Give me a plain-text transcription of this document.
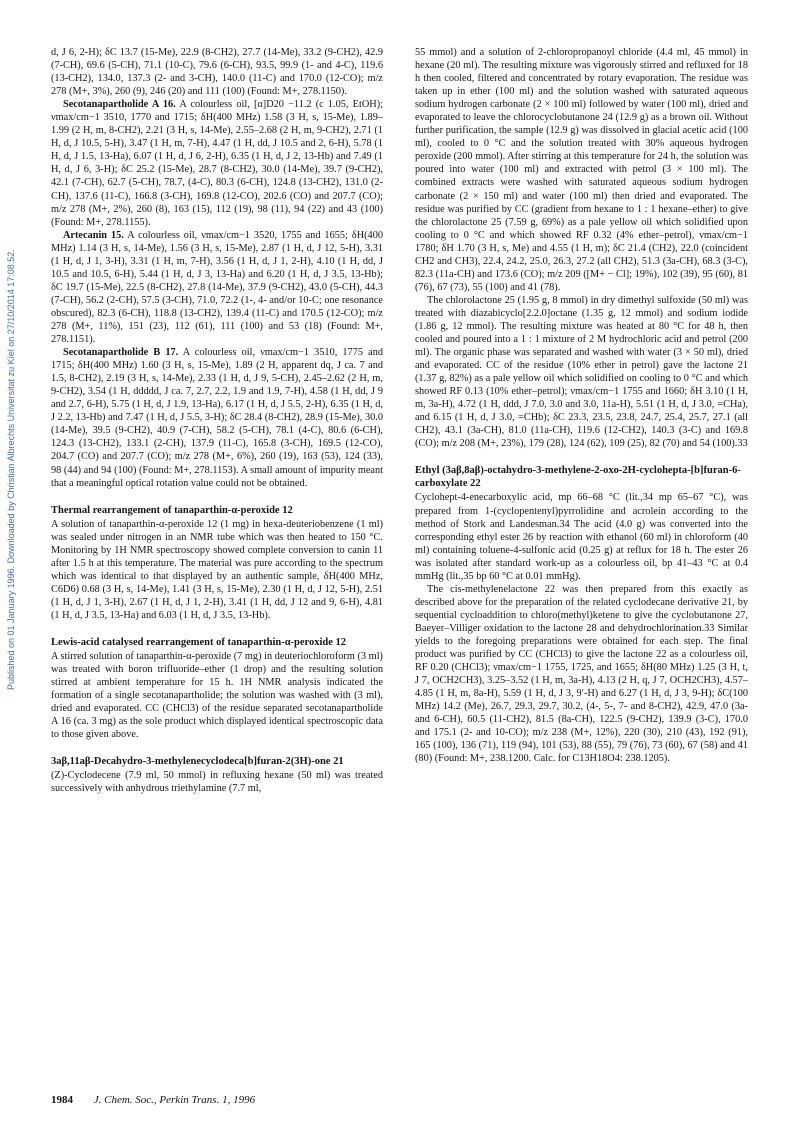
Published on 01 January 1996. Downloaded by Christian Albrechts Universitat zu Kiel on 27/10/2014 17:08:52.

d, J 6, 2-H); δC 13.7 (15-Me), 22.9 (8-CH2), 27.7 (14-Me), 33.2 (9-CH2), 42.9 (7-CH), 69.6 (5-CH), 71.1 (10-C), 79.6 (6-CH), 93.5, 99.9 (1- and 4-C), 119.6 (13-CH2), 134.0, 137.3 (2- and 3-CH), 140.0 (11-C) and 170.0 (12-CO); m/z 278 (M+, 3%), 260 (9), 246 (20) and 111 (100) (Found: M+, 278.1150).

Secotanapartholide A 16. A colourless oil, [α]D20 −11.2 (c 1.05, EtOH); νmax/cm−1 3510, 1770 and 1715; δH(400 MHz) 1.58 (3 H, s, 15-Me), 1.89–1.99 (2 H, m, 8-CH2), 2.21 (3 H, s, 14-Me), 2.55–2.68 (2 H, m, 9-CH2), 2.71 (1 H, d, J 10.5, 5-H), 3.47 (1 H, m, 7-H), 4.47 (1 H, dd, J 10.5 and 2, 6-H), 5.78 (1 H, d, J 1.5, 13-Ha), 6.07 (1 H, d, J 6, 2-H), 6.35 (1 H, d, J 2, 13-Hb) and 7.49 (1 H, d, J 6, 3-H); δC 25.2 (15-Me), 28.7 (8-CH2), 30.0 (14-Me), 39.7 (9-CH2), 42.1 (7-CH), 62.7 (5-CH), 78.7, (4-C), 80.3 (6-CH), 124.8 (13-CH2), 131.0 (2-CH), 137.6 (11-C), 166.8 (3-CH), 169.8 (12-CO), 202.6 (CO) and 207.7 (CO); m/z 278 (M+, 2%), 260 (8), 163 (15), 112 (19), 98 (11), 94 (22) and 43 (100) (Found: M+, 278.1155).

Artecanin 15. A colourless oil, νmax/cm−1 3520, 1755 and 1655; δH(400 MHz) 1.14 (3 H, s, 14-Me), 1.56 (3 H, s, 15-Me), 2.87 (1 H, d, J 12, 5-H), 3.31 (1 H, d, J 1, 3-H), 3.31 (1 H, m, 7-H), 3.56 (1 H, d, J 1, 2-H), 4.10 (1 H, dd, J 10.5 and 10.5, 6-H), 5.44 (1 H, d, J 3, 13-Ha) and 6.20 (1 H, d, J 3.5, 13-Hb); δC 19.7 (15-Me), 22.5 (8-CH2), 27.8 (14-Me), 37.9 (9-CH2), 43.0 (5-CH), 44.3 (7-CH), 56.2 (2-CH), 57.5 (3-CH), 71.0, 72.2 (1-, 4- and/or 10-C; one resonance obscured), 82.3 (6-CH), 118.8 (13-CH2), 139.4 (11-C) and 170.5 (12-CO); m/z 278 (M+, 11%), 151 (23), 112 (61), 111 (100) and 53 (18) (Found: M+, 278.1151).

Secotanapartholide B 17. A colourless oil, νmax/cm−1 3510, 1775 and 1715; δH(400 MHz) 1.60 (3 H, s, 15-Me), 1.89 (2 H, apparent dq, J ca. 7 and 1.5, 8-CH2), 2.19 (3 H, s, 14-Me), 2.33 (1 H, d, J 9, 5-CH), 2.45–2.62 (2 H, m, 9-CH2), 3.54 (1 H, ddddd, J ca. 7, 2.7, 2.2, 1.9 and 1.9, 7-H), 4.58 (1 H, dd, J 9 and 2.7, 6-H), 5.75 (1 H, d, J 1.9, 13-Ha), 6.17 (1 H, d, J 5.5, 2-H), 6.35 (1 H, d, J 2.2, 13-Hb) and 7.47 (1 H, d, J 5.5, 3-H); δC 28.4 (8-CH2), 28.9 (15-Me), 30.0 (14-Me), 39.5 (9-CH2), 40.9 (7-CH), 58.2 (5-CH), 78.1 (4-C), 80.6 (6-CH), 124.3 (13-CH2), 133.1 (2-CH), 137.9 (11-C), 165.8 (3-CH), 169.5 (12-CO), 204.7 (CO) and 207.7 (CO); m/z 278 (M+, 6%), 260 (19), 163 (53), 124 (33), 98 (44) and 94 (100) (Found: M+, 278.1153). A small amount of impurity meant that a meaningful optical rotation value could not be obtained.

Thermal rearrangement of tanaparthin-α-peroxide 12

A solution of tanaparthin-α-peroxide 12 (1 mg) in hexa-deuteriobenzene (1 ml) was sealed under nitrogen in an NMR tube which was then heated to 150 °C. Monitoring by 1H NMR spectroscopy showed complete conversion to canin 11 after 1.5 h at this temperature. The material was pure according to the spectrum which was identical to that displayed by an authentic sample, δH(400 MHz, C6D6) 0.68 (3 H, s, 14-Me), 1.41 (3 H, s, 15-Me), 2.30 (1 H, d, J 12, 5-H), 2.51 (1 H, d, J 1, 3-H), 2.67 (1 H, d, J 1, 2-H), 3.41 (1 H, dd, J 12 and 9, 6-H), 4.81 (1 H, d, J 3.5, 13-Ha) and 6.03 (1 H, d, J 3.5, 13-Hb).

Lewis-acid catalysed rearrangement of tanaparthin-α-peroxide 12

A stirred solution of tanaparthin-α-peroxide (7 mg) in deuteriochloroform (3 ml) was treated with boron trifluoride–ether (1 drop) and the resulting solution stirred at ambient temperature for 15 h. 1H NMR analysis indicated the formation of a single secotanapartholide; the solution was washed with (3 ml), dried and evaporated. CC (CHCl3) of the residue separated secotanapartholide A 16 (ca. 3 mg) as the sole product which displayed identical spectroscopic data to those given above.

3aβ,11aβ-Decahydro-3-methylenecyclodeca[b]furan-2(3H)-one 21

(Z)-Cyclodecene (7.9 ml, 50 mmol) in refluxing hexane (50 ml) was treated successively with anhydrous triethylamine (7.7 ml,

55 mmol) and a solution of 2-chloropropanoyl chloride (4.4 ml, 45 mmol) in hexane (20 ml). The resulting mixture was vigorously stirred and refluxed for 18 h then cooled, filtered and concentrated by rotary evaporation. The residue was taken up in ether (100 ml) and the solution washed with saturated aqueous sodium hydrogen carbonate (2 × 100 ml) followed by water (100 ml), dried and evaporated to leave the chlorocyclobutanone 24 (12.9 g) as a brown oil. Without further purification, the sample (12.9 g) was dissolved in glacial acetic acid (100 ml), cooled to 0 °C and the solution treated with 30% aqueous hydrogen peroxide (200 mmol). After stirring at this temperature for 24 h, the solution was poured into water (100 ml) and extracted with petrol (3 × 100 ml). The combined extracts were washed with saturated aqueous sodium hydrogen carbonate (2 × 150 ml) and water (100 ml) then dried and evaporated. The residue was purified by CC (gradient from hexane to 1 : 1 hexane–ether) to give the chlorolactone 25 (7.59 g, 69%) as a pale yellow oil which solidified upon cooling to 0 °C and which showed RF 0.32 (4% ether–petrol), νmax/cm−1 1780; δH 1.70 (3 H, s, Me) and 4.55 (1 H, m); δC 21.4 (CH2), 22.0 (coincident CH2 and CH3), 22.4, 24.2, 25.0, 26.3, 27.2 (all CH2), 51.3 (3a-CH), 68.3 (3-C), 82.3 (11a-CH) and 173.6 (CO); m/z 209 ([M+ − Cl]; 19%), 102 (39), 95 (60), 81 (76), 67 (73), 55 (100) and 41 (78).

The chlorolactone 25 (1.95 g, 8 mmol) in dry dimethyl sulfoxide (50 ml) was treated with diazabicyclo[2.2.0]octane (1.35 g, 12 mmol) and sodium iodide (1.86 g, 12 mmol). The resulting mixture was heated at 80 °C for 48 h, then cooled and poured into a 1 : 1 mixture of 2 M hydrochloric acid and petrol (200 ml). The organic phase was separated and washed with water (3 × 50 ml), dried and evaporated. CC of the residue (10% ether in petrol) gave the lactone 21 (1.37 g, 82%) as a pale yellow oil which solidified on cooling to 0 °C and which showed RF 0.13 (10% ether–petrol); νmax/cm−1 1755 and 1660; δH 3.10 (1 H, m, 3a-H), 4.72 (1 H, ddd, J 7.0, 3.0 and 3.0, 11a-H), 5.51 (1 H, d, J 3.0, =CHa), and 6.15 (1 H, d, J 3.0, =CHb); δC 23.3, 23.5, 23.8, 24.7, 25.4, 25.7, 27.1 (all CH2), 43.1 (3a-CH), 81.0 (11a-CH), 119.6 (12-CH2), 140.3 (3-C) and 169.8 (CO); m/z 208 (M+, 23%), 179 (28), 124 (62), 109 (25), 82 (70) and 54 (100).33

Ethyl (3aβ,8aβ)-octahydro-3-methylene-2-oxo-2H-cyclohepta-[b]furan-6-carboxylate 22

Cyclohept-4-enecarboxylic acid, mp 66–68 °C (lit.,34 mp 65–67 °C), was prepared from 1-(cyclopentenyl)pyrrolidine and acrolein according to the method of Stork and Landesman.34 The acid (4.0 g) was converted into the corresponding ethyl ester 26 by reaction with ethanol (60 ml) in chloroform (40 ml) containing toluene-4-sulfonic acid (0.25 g) at reflux for 18 h. The ester 26 was isolated after standard work-up as a colourless oil, bp 41–43 °C at 0.4 mmHg (lit.,35 bp 60 °C at 0.01 mmHg).

The cis-methylenelactone 22 was then prepared from this exactly as described above for the preparation of the related cyclodecane derivative 21, by sequential cycloaddition to chloro(methyl)ketene to give the cyclobutanone 27, Baeyer–Villiger oxidation to the lactone 28 and dehydrochlorination.33 Similar yields to the foregoing preparations were obtained for each step. The final product was purified by CC (CHCl3) to give the lactone 22 as a colourless oil, RF 0.20 (CHCl3); νmax/cm−1 1755, 1725, and 1655; δH(80 MHz) 1.25 (3 H, t, J 7, OCH2CH3), 3.25–3.52 (1 H, m, 3a-H), 4.13 (2 H, q, J 7, OCH2CH3), 4.57–4.85 (1 H, m, 8a-H), 5.59 (1 H, d, J 3, 9′-H) and 6.27 (1 H, d, J 3, 9-H); δC(100 MHz) 14.2 (Me), 26.7, 29.3, 29.7, 30.2, (4-, 5-, 7- and 8-CH2), 42.9, 47.0 (3a- and 6-CH), 60.5 (11-CH2), 81.5 (8a-CH), 122.5 (9-CH2), 139.9 (3-C), 170.0 and 175.1 (2- and 10-CO); m/z 238 (M+, 12%), 220 (30), 210 (43), 192 (91), 165 (100), 136 (71), 119 (94), 101 (53), 88 (55), 79 (76), 73 (60), 67 (58) and 41 (80) (Found: M+, 238.1200. Calc. for C13H18O4: 238.1205).

1984 J. Chem. Soc., Perkin Trans. 1, 1996
